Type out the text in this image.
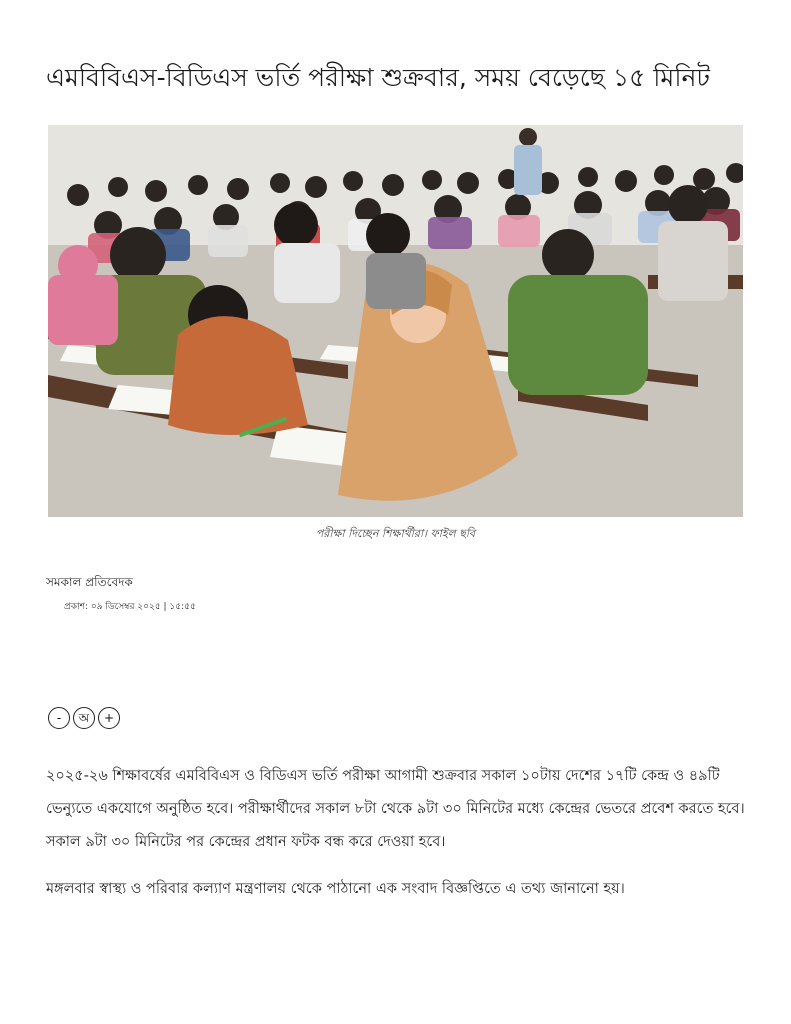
এমবিবিএস-বিডিএস ভর্তি পরীক্ষা শুক্রবার, সময় বেড়েছে ১৫ মিনিট
পরীক্ষা দিচ্ছেন শিক্ষার্থীরা। ফাইল ছবি
সমকাল প্রতিবেদক
প্রকাশ: ০৯ ডিসেম্বর ২০২৫ | ১৫:৫৫
-	অ	+

২০২৫-২৬ শিক্ষাবর্ষের এমবিবিএস ও বিডিএস ভর্তি পরীক্ষা আগামী শুক্রবার সকাল ১০টায় দেশের ১৭টি কেন্দ্র ও ৪৯টি ভেন্যুতে একযোগে অনুষ্ঠিত হবে। পরীক্ষার্থীদের সকাল ৮টা থেকে ৯টা ৩০ মিনিটের মধ্যে কেন্দ্রের ভেতরে প্রবেশ করতে হবে। সকাল ৯টা ৩০ মিনিটের পর কেন্দ্রের প্রধান ফটক বন্ধ করে দেওয়া হবে।

মঙ্গলবার স্বাস্থ্য ও পরিবার কল্যাণ মন্ত্রণালয় থেকে পাঠানো এক সংবাদ বিজ্ঞপ্তিতে এ তথ্য জানানো হয়।
